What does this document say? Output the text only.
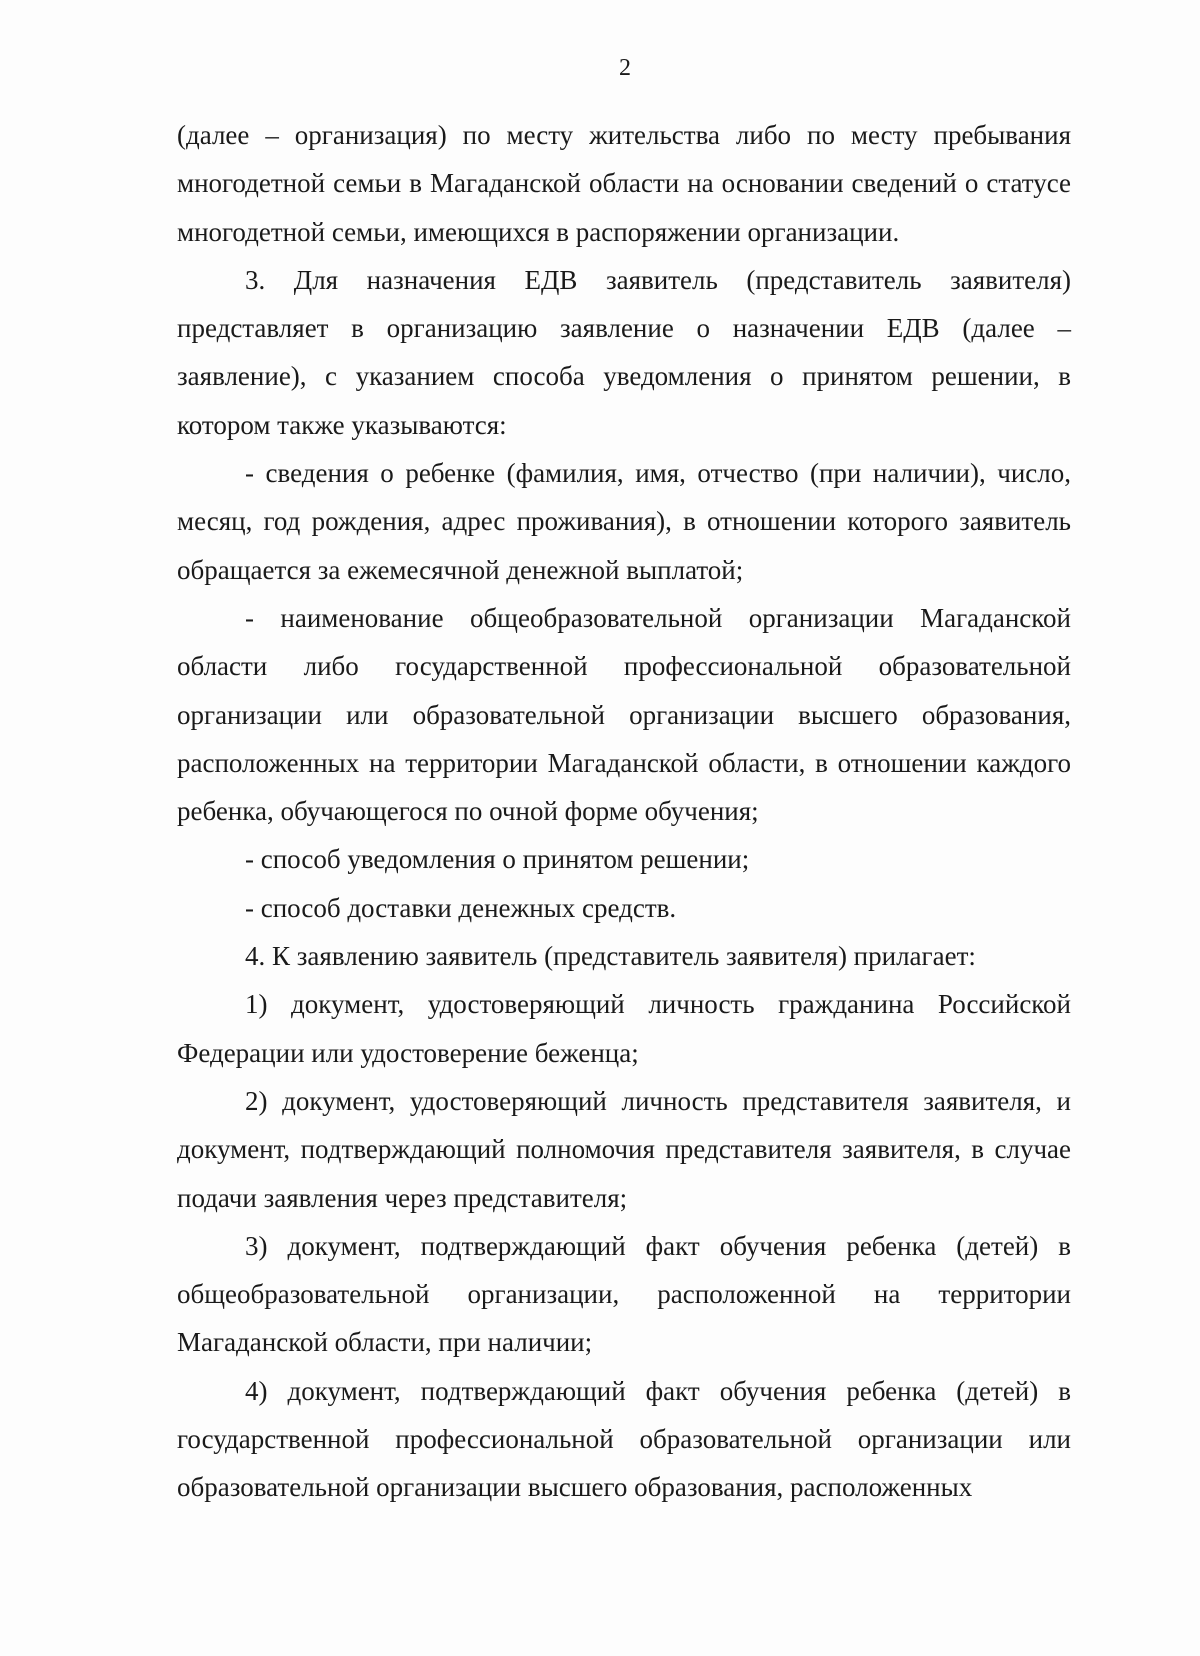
2

(далее – организация) по месту жительства либо по месту пребывания многодетной семьи в Магаданской области на основании сведений о статусе многодетной семьи, имеющихся в распоряжении организации.

3. Для назначения ЕДВ заявитель (представитель заявителя) представляет в организацию заявление о назначении ЕДВ (далее – заявление), с указанием способа уведомления о принятом решении, в котором также указываются:

- сведения о ребенке (фамилия, имя, отчество (при наличии), число, месяц, год рождения, адрес проживания), в отношении которого заявитель обращается за ежемесячной денежной выплатой;

- наименование общеобразовательной организации Магаданской области либо государственной профессиональной образовательной организации или образовательной организации высшего образования, расположенных на территории Магаданской области, в отношении каждого ребенка, обучающегося по очной форме обучения;

- способ уведомления о принятом решении;

- способ доставки денежных средств.

4. К заявлению заявитель (представитель заявителя) прилагает:

1) документ, удостоверяющий личность гражданина Российской Федерации или удостоверение беженца;

2) документ, удостоверяющий личность представителя заявителя, и документ, подтверждающий полномочия представителя заявителя, в случае подачи заявления через представителя;

3) документ, подтверждающий факт обучения ребенка (детей) в общеобразовательной организации, расположенной на территории Магаданской области, при наличии;

4) документ, подтверждающий факт обучения ребенка (детей) в государственной профессиональной образовательной организации или образовательной организации высшего образования, расположенных
